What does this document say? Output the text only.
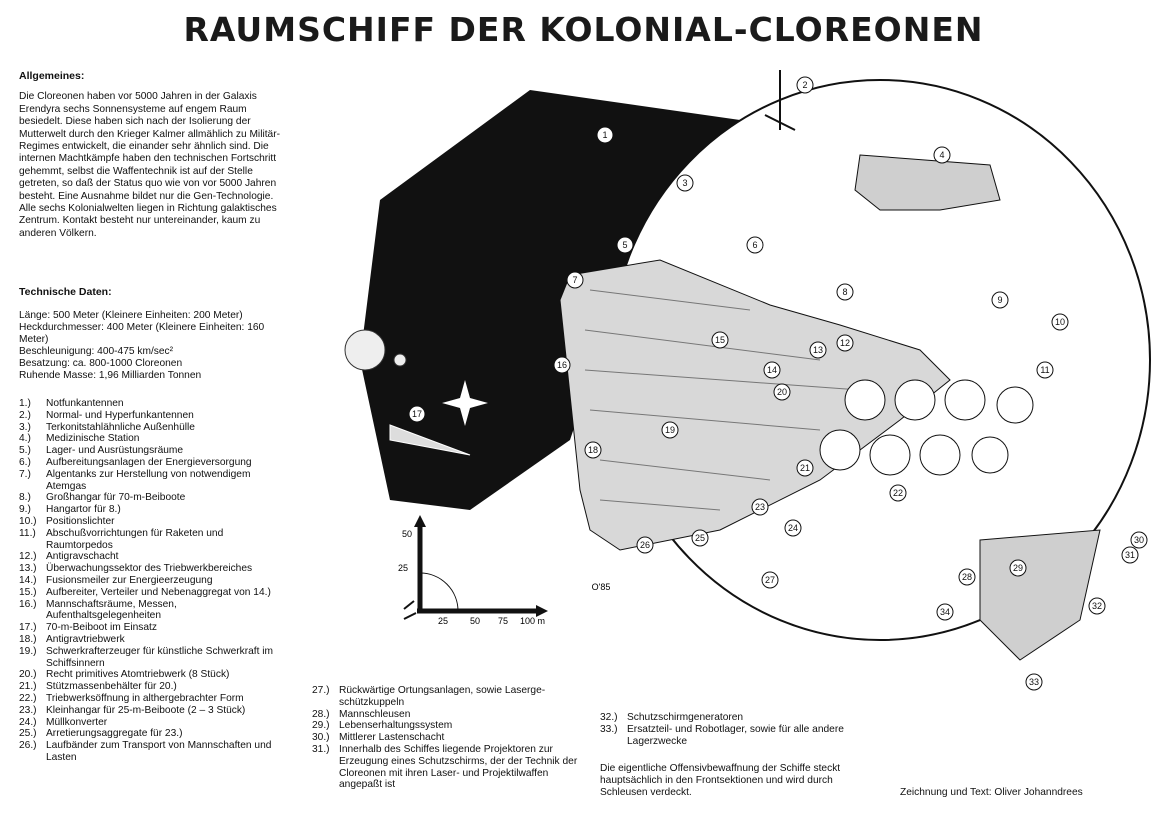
RAUMSCHIFF DER KOLONIAL-CLOREONEN
Allgemeines:

Die Cloreonen haben vor 5000 Jahren in der Galaxis Erendyra sechs Sonnensysteme auf engem Raum besiedelt. Diese haben sich nach der Isolierung der Mutterwelt durch den Krieger Kalmer allmählich zu Militär-Regimes entwickelt, die einander sehr ähnlich sind. Die internen Machtkämpfe haben den technischen Fortschritt gehemmt, selbst die Waffentechnik ist auf der Stelle getreten, so daß der Status quo wie von vor 5000 Jahren besteht. Eine Ausnahme bildet nur die Gen-Technologie. Alle sechs Kolonialwelten liegen in Richtung galaktisches Zentrum. Kontakt besteht nur untereinander, kaum zu anderen Völkern.

Technische Daten:
Länge: 500 Meter (Kleinere Einheiten: 200 Meter)
Heckdurchmesser: 400 Meter (Kleinere Einheiten: 160 Meter)
Beschleunigung: 400-475 km/sec²
Besatzung: ca. 800-1000 Cloreonen
Ruhende Masse: 1,96 Milliarden Tonnen
1.)	Notfunkantennen
2.)	Normal- und Hyperfunkantennen
3.)	Terkonitstahlähnliche Außenhülle
4.)	Medizinische Station
5.)	Lager- und Ausrüstungsräume
6.)	Aufbereitungsanlagen der Energieversorgung
7.)	Algentanks zur Herstellung von notwendigem Atemgas
8.)	Großhangar für 70-m-Beiboote
9.)	Hangartor für 8.)
10.) Positionslichter
11.) Abschußvorrichtungen für Raketen und Raumtorpedos
12.) Antigravschacht
13.) Überwachungssektor des Triebwerkbereiches
14.) Fusionsmeiler zur Energieerzeugung
15.) Aufbereiter, Verteiler und Nebenaggregat von 14.)
16.) Mannschaftsräume, Messen, Aufenthaltsgelegenheiten
17.) 70-m-Beiboot im Einsatz
18.) Antigravtriebwerk
19.) Schwerkrafterzeuger für künstliche Schwerkraft im Schiffsinnern
20.) Recht primitives Atomtriebwerk (8 Stück)
21.) Stützmassenbehälter für 20.)
22.) Triebwerksöffnung in althergebrachter Form
23.) Kleinhangar für 25-m-Beiboote (2 – 3 Stück)
24.) Müllkonverter
25.) Arretierungsaggregate für 23.)
26.) Laufbänder zum Transport von Mannschaften und Lasten
27.) Rückwärtige Ortungsanlagen, sowie Lasergeschützkuppeln
28.) Mannschleusen
29.) Lebenserhaltungssystem
30.) Mittlerer Lastenschacht
31.) Innerhalb des Schiffes liegende Projektoren zur Erzeugung eines Schutzschirms, der der Technik der Cloreonen mit ihren Laser- und Projektilwaffen angepaßt ist
32.) Schutzschirmgeneratoren
33.) Ersatzteil- und Robotlager, sowie für alle andere Lagerzwecke
Die eigentliche Offensivbewaffnung der Schiffe steckt hauptsächlich in den Frontsektionen und wird durch Schleusen verdeckt.	Zeichnung und Text: Oliver Johanndrees
1
2
3
4
5	6
7
8
9
10
11
12
13
14
15
16
17
18
19
20
21
22
23
24
25
26
27	28
29
30
31
32
33
34
O'85
50
25
25 50 75 100 m
